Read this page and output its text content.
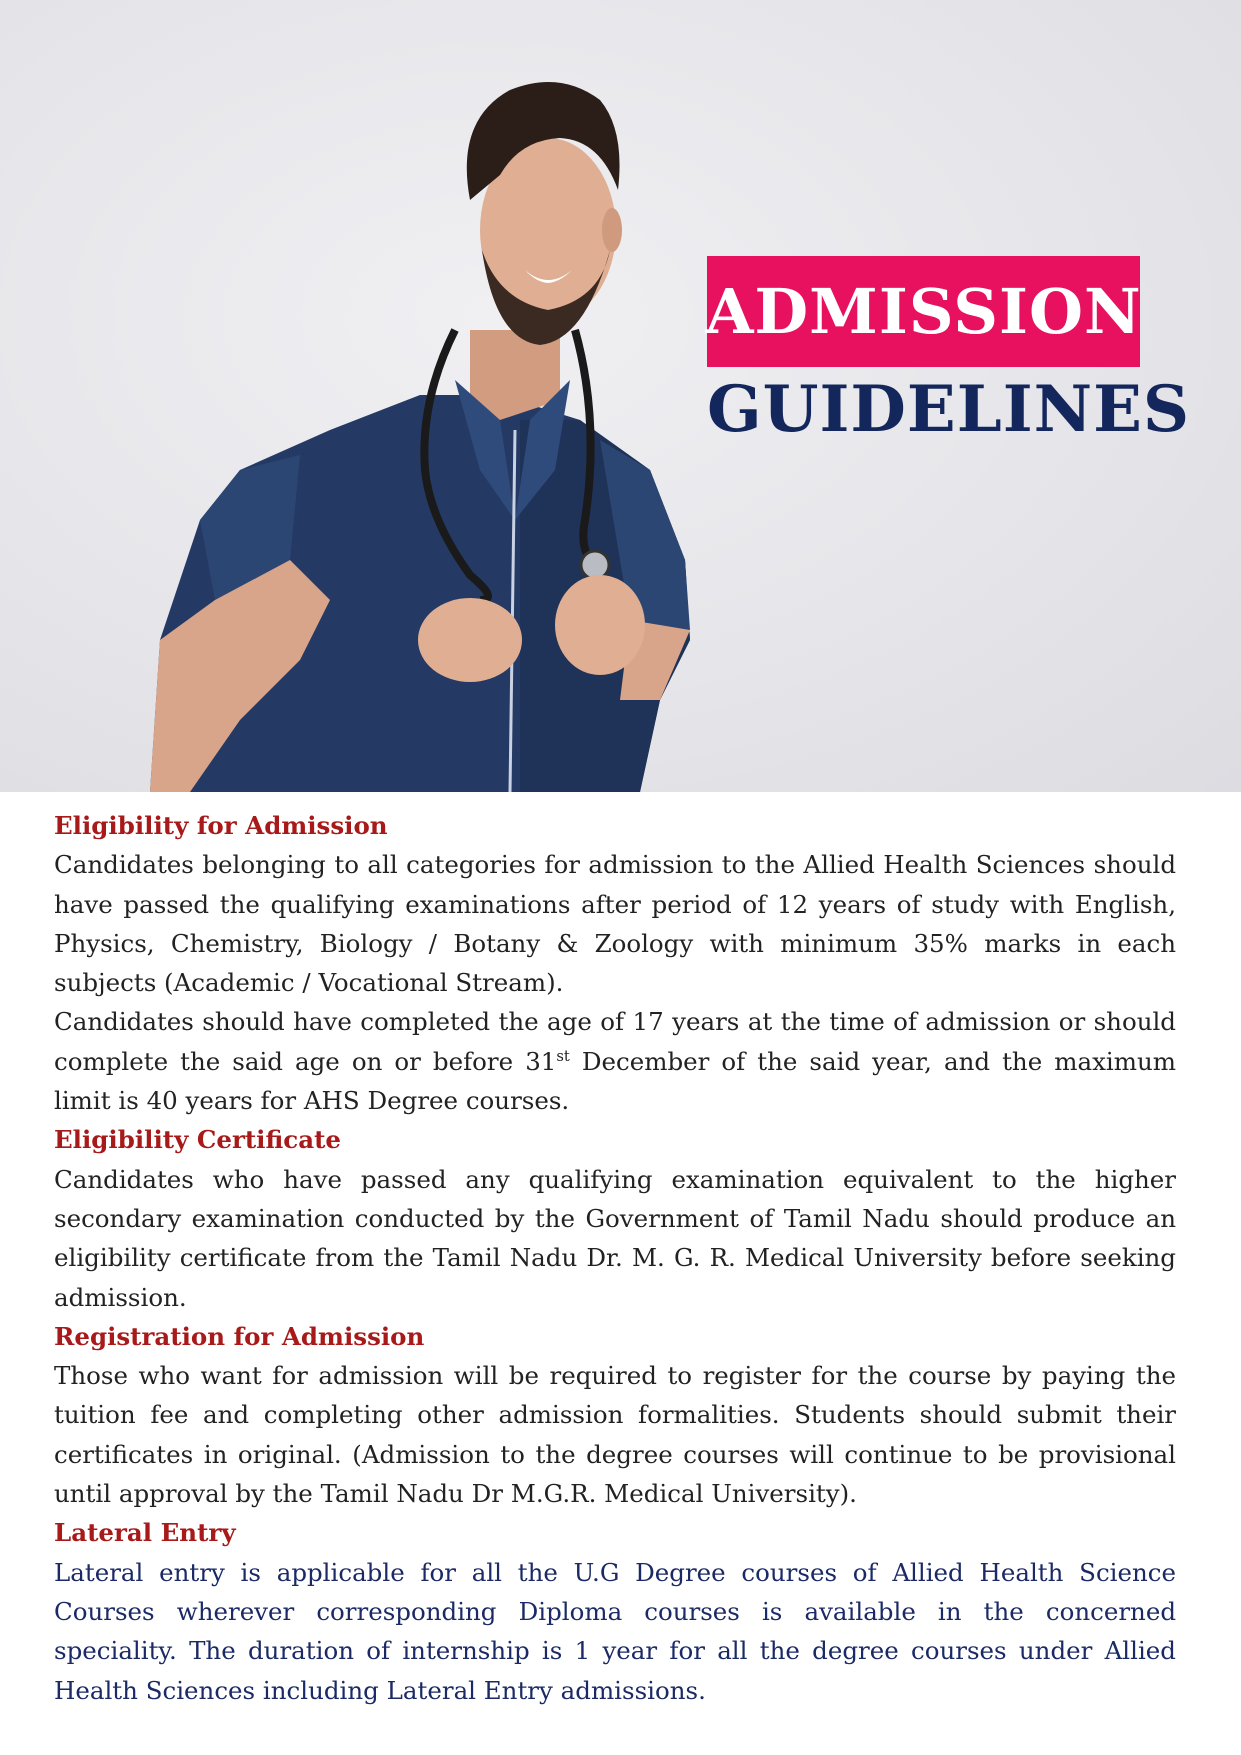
ADMISSION
GUIDELINES

Eligibility for Admission

Candidates belonging to all categories for admission to the Allied Health Sciences should have passed the qualifying examinations after period of 12 years of study with English, Physics, Chemistry, Biology / Botany & Zoology with minimum 35% marks in each subjects (Academic / Vocational Stream).

Candidates should have completed the age of 17 years at the time of admission or should complete the said age on or before 31st December of the said year, and the maximum limit is 40 years for AHS Degree courses.

Eligibility Certificate

Candidates who have passed any qualifying examination equivalent to the higher secondary examination conducted by the Government of Tamil Nadu should produce an eligibility certificate from the Tamil Nadu Dr. M. G. R. Medical University before seeking admission.

Registration for Admission

Those who want for admission will be required to register for the course by paying the tuition fee and completing other admission formalities. Students should submit their certificates in original. (Admission to the degree courses will continue to be provisional until approval by the Tamil Nadu Dr M.G.R. Medical University).

Lateral Entry

Lateral entry is applicable for all the U.G Degree courses of Allied Health Science Courses wherever corresponding Diploma courses is available in the concerned speciality. The duration of internship is 1 year for all the degree courses under Allied Health Sciences including Lateral Entry admissions.
